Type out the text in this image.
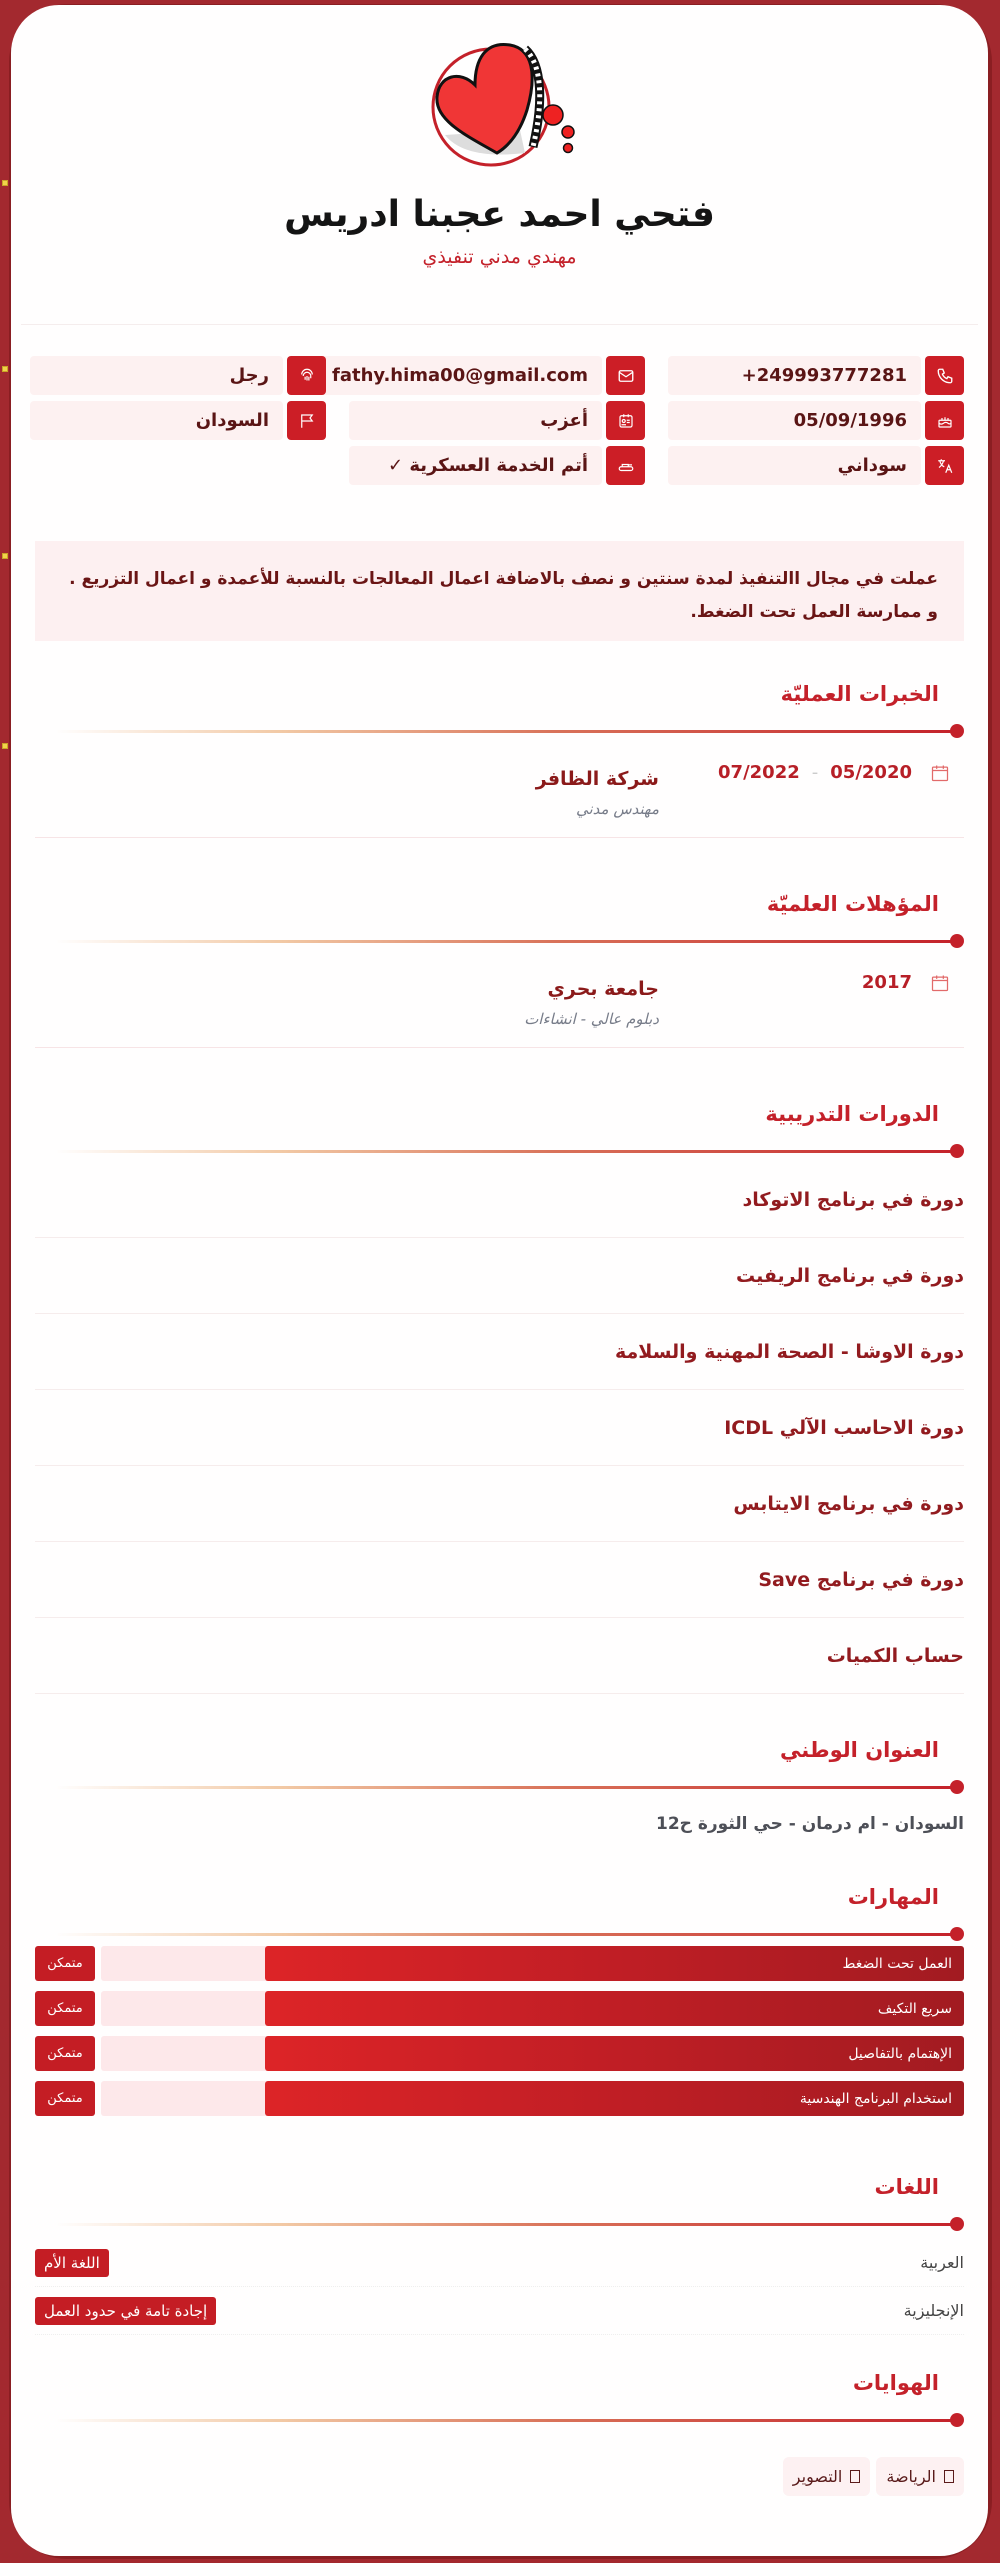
فتحي احمد عجبنا ادريس
مهندي مدني تنفيذي
+249993777281
fathy.hima00@gmail.com
رجل
05/09/1996
أعزب
السودان
سوداني
أتم الخدمة العسكرية ✓
عملت في مجال االتنفيذ لمدة سنتين و نصف بالاضافة اعمال المعالجات بالنسبة للأعمدة و اعمال التزريع . و ممارسة العمل تحت الضغط.
الخبرات العمليّة
05/2020
-
07/2022
شركة الظافر
مهندس مدني
المؤهلات العلميّة
2017
جامعة بحري
دبلوم عالي - انشاءات
الدورات التدريبية
دورة في برنامج الاتوكاد
دورة في برنامج الريفيت
دورة الاوشا - الصحة المهنية والسلامة
دورة الاحاسب الآلي ICDL
دورة في برنامج الايتابس
دورة في برنامج Save
حساب الكميات
العنوان الوطني
السودان - ام درمان - حي الثورة ح12
المهارات
العمل تحت الضغط
متمكن
سريع التكيف
متمكن
الإهتمام بالتفاصيل
متمكن
استخدام البرنامج الهندسية
متمكن
اللغات
العربية
اللغة الأم
الإنجليزية
إجادة تامة في حدود العمل
الهوايات
الرياضة
التصوير
